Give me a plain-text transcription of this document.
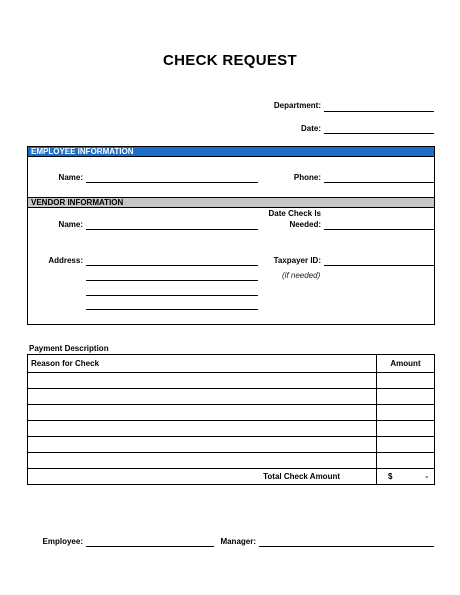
CHECK REQUEST
Department:
Date:
EMPLOYEE INFORMATION
Name:	Phone:
VENDOR INFORMATION
Name:
Date Check Is
Needed:
Address:	Taxpayer ID:
(if needed)
Payment Description
Reason for Check	Amount

Total Check Amount	$ -
Employee:	Manager:
